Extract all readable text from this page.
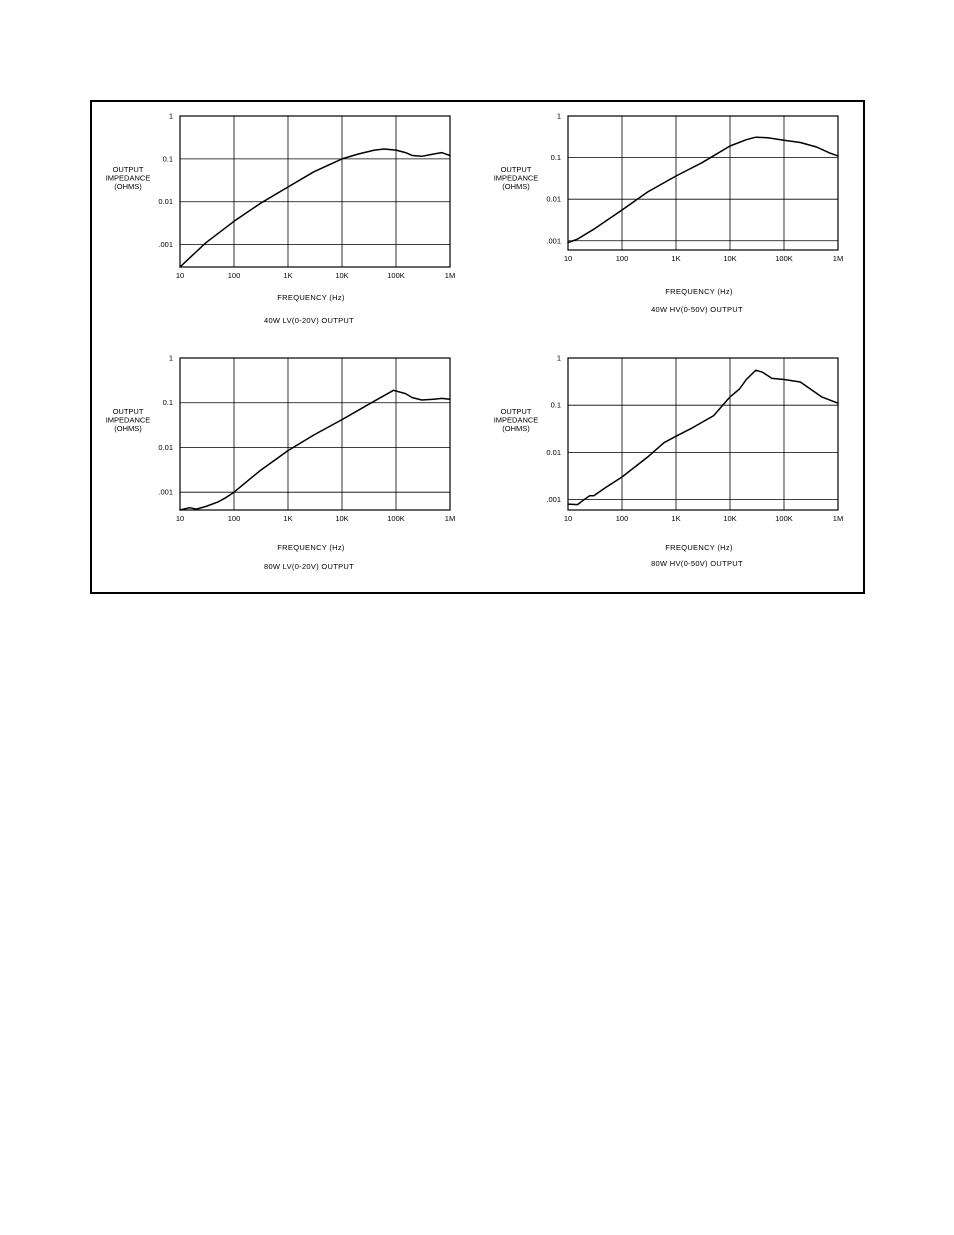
10	100	1K	10K	100K	1M
.001
0.01
0.1
1
OUTPUT
IMPEDANCE
(OHMS)
FREQUENCY (Hz)
40W LV(0-20V) OUTPUT
10	100	1K	10K	100K	1M
.001
0.01
0.1
1
OUTPUT
IMPEDANCE
(OHMS)
FREQUENCY (Hz)
40W HV(0-50V) OUTPUT
10	100	1K	10K	100K	1M
.001
0.01
0.1
1
OUTPUT
IMPEDANCE
(OHMS)
FREQUENCY (Hz)
80W LV(0-20V) OUTPUT
10	100	1K	10K	100K	1M
.001
0.01
0.1
1
OUTPUT
IMPEDANCE
(OHMS)
FREQUENCY (Hz)
80W HV(0-50V) OUTPUT
